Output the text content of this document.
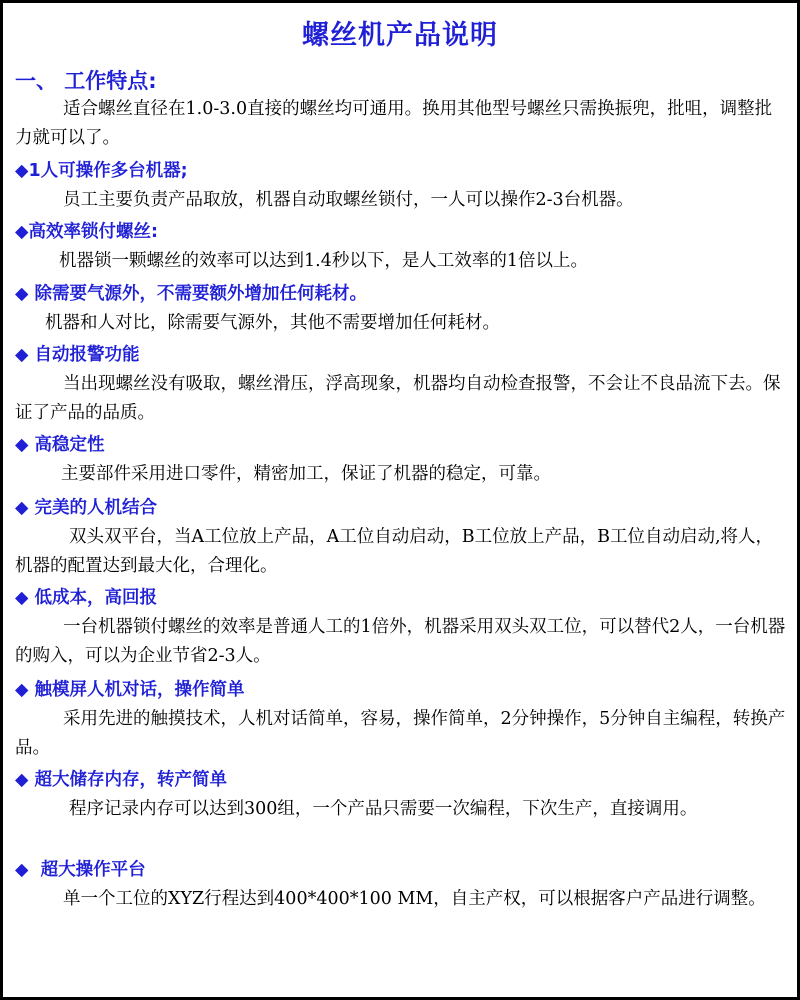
螺丝机产品说明
一、 工作特点:
适合螺丝直径在1.0-3.0直接的螺丝均可通用。换用其他型号螺丝只需换振兜，批咀，调整批力就可以了。
◆1人可操作多台机器;
员工主要负责产品取放，机器自动取螺丝锁付，一人可以操作2-3台机器。
◆高效率锁付螺丝:
机器锁一颗螺丝的效率可以达到1.4秒以下，是人工效率的1倍以上。
◆ 除需要气源外，不需要额外增加任何耗材。
机器和人对比，除需要气源外，其他不需要增加任何耗材。
◆ 自动报警功能
当出现螺丝没有吸取，螺丝滑压，浮高现象，机器均自动检查报警，不会让不良品流下去。保证了产品的品质。
◆ 高稳定性
主要部件采用进口零件，精密加工，保证了机器的稳定，可靠。
◆ 完美的人机结合
双头双平台，当A工位放上产品，A工位自动启动，B工位放上产品，B工位自动启动,将人，机器的配置达到最大化，合理化。
◆ 低成本，高回报
一台机器锁付螺丝的效率是普通人工的1倍外，机器采用双头双工位，可以替代2人，一台机器的购入，可以为企业节省2-3人。
◆ 触模屏人机对话，操作简单
采用先进的触摸技术，人机对话简单，容易，操作简单，2分钟操作，5分钟自主编程，转换产品。
◆ 超大储存内存，转产简单
程序记录内存可以达到300组，一个产品只需要一次编程，下次生产，直接调用。
◆  超大操作平台
单一个工位的XYZ行程达到400*400*100 MM，自主产权，可以根据客户产品进行调整。
